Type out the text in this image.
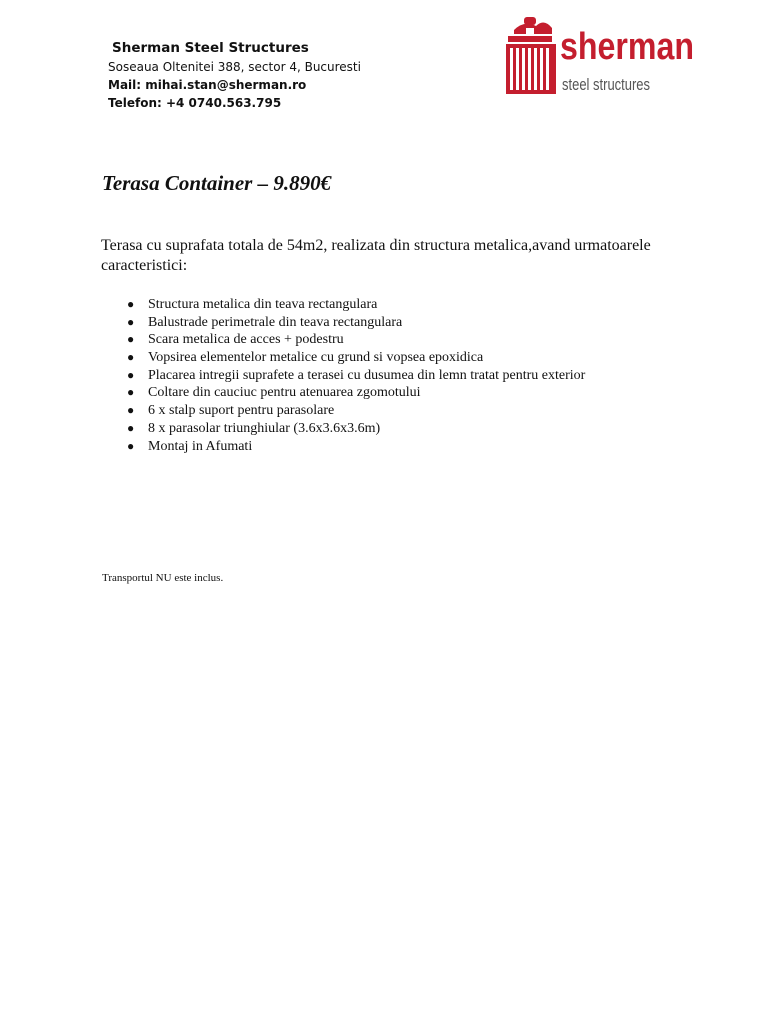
Sherman Steel Structures
Soseaua Oltenitei 388, sector 4, Bucuresti
Mail: mihai.stan@sherman.ro
Telefon: +4 0740.563.795
sherman
steel structures
Terasa Container – 9.890€

Terasa cu suprafata totala de 54m2, realizata din structura metalica,avand urmatoarele caracteristici:

● Structura metalica din teava rectangulara
● Balustrade perimetrale din teava rectangulara
● Scara metalica de acces + podestru
● Vopsirea elementelor metalice cu grund si vopsea epoxidica
● Placarea intregii suprafete a terasei cu dusumea din lemn tratat pentru exterior
● Coltare din cauciuc pentru atenuarea zgomotului
● 6 x stalp suport pentru parasolare
● 8 x parasolar triunghiular (3.6x3.6x3.6m)
● Montaj in Afumati

Transportul NU este inclus.
